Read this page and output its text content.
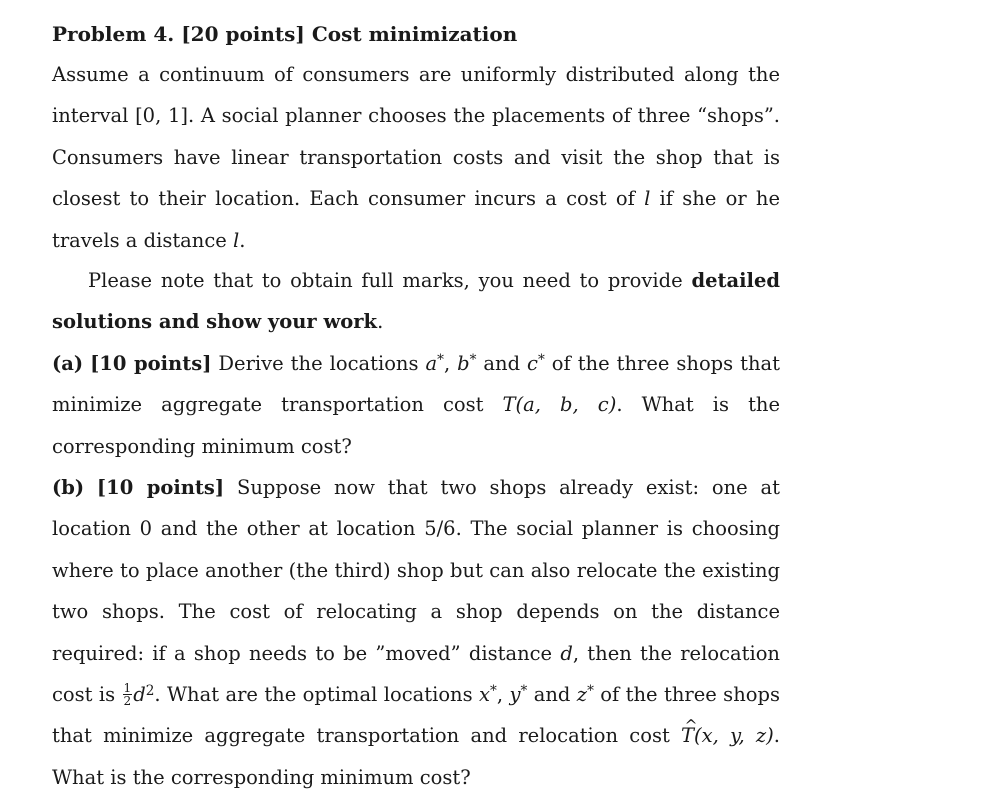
Problem 4. [20 points] Cost minimization
Assume a continuum of consumers are uniformly distributed along the interval [0, 1]. A social planner chooses the placements of three “shops”. Consumers have linear transportation costs and visit the shop that is closest to their location. Each consumer incurs a cost of l if she or he travels a distance l.
Please note that to obtain full marks, you need to provide detailed solutions and show your work.
(a) [10 points] Derive the locations a*, b* and c* of the three shops that minimize aggregate transportation cost T(a, b, c). What is the corresponding minimum cost?
(b) [10 points] Suppose now that two shops already exist: one at location 0 and the other at location 5/6. The social planner is choosing where to place another (the third) shop but can also relocate the existing two shops. The cost of relocating a shop depends on the distance required: if a shop needs to be ”moved” distance d, then the relocation cost is $\frac{1}{2} d^2$. What are the optimal locations x*, y* and z* of the three shops that minimize aggregate transportation and relocation cost ^ T(x, y, z). What is the corresponding minimum cost?
